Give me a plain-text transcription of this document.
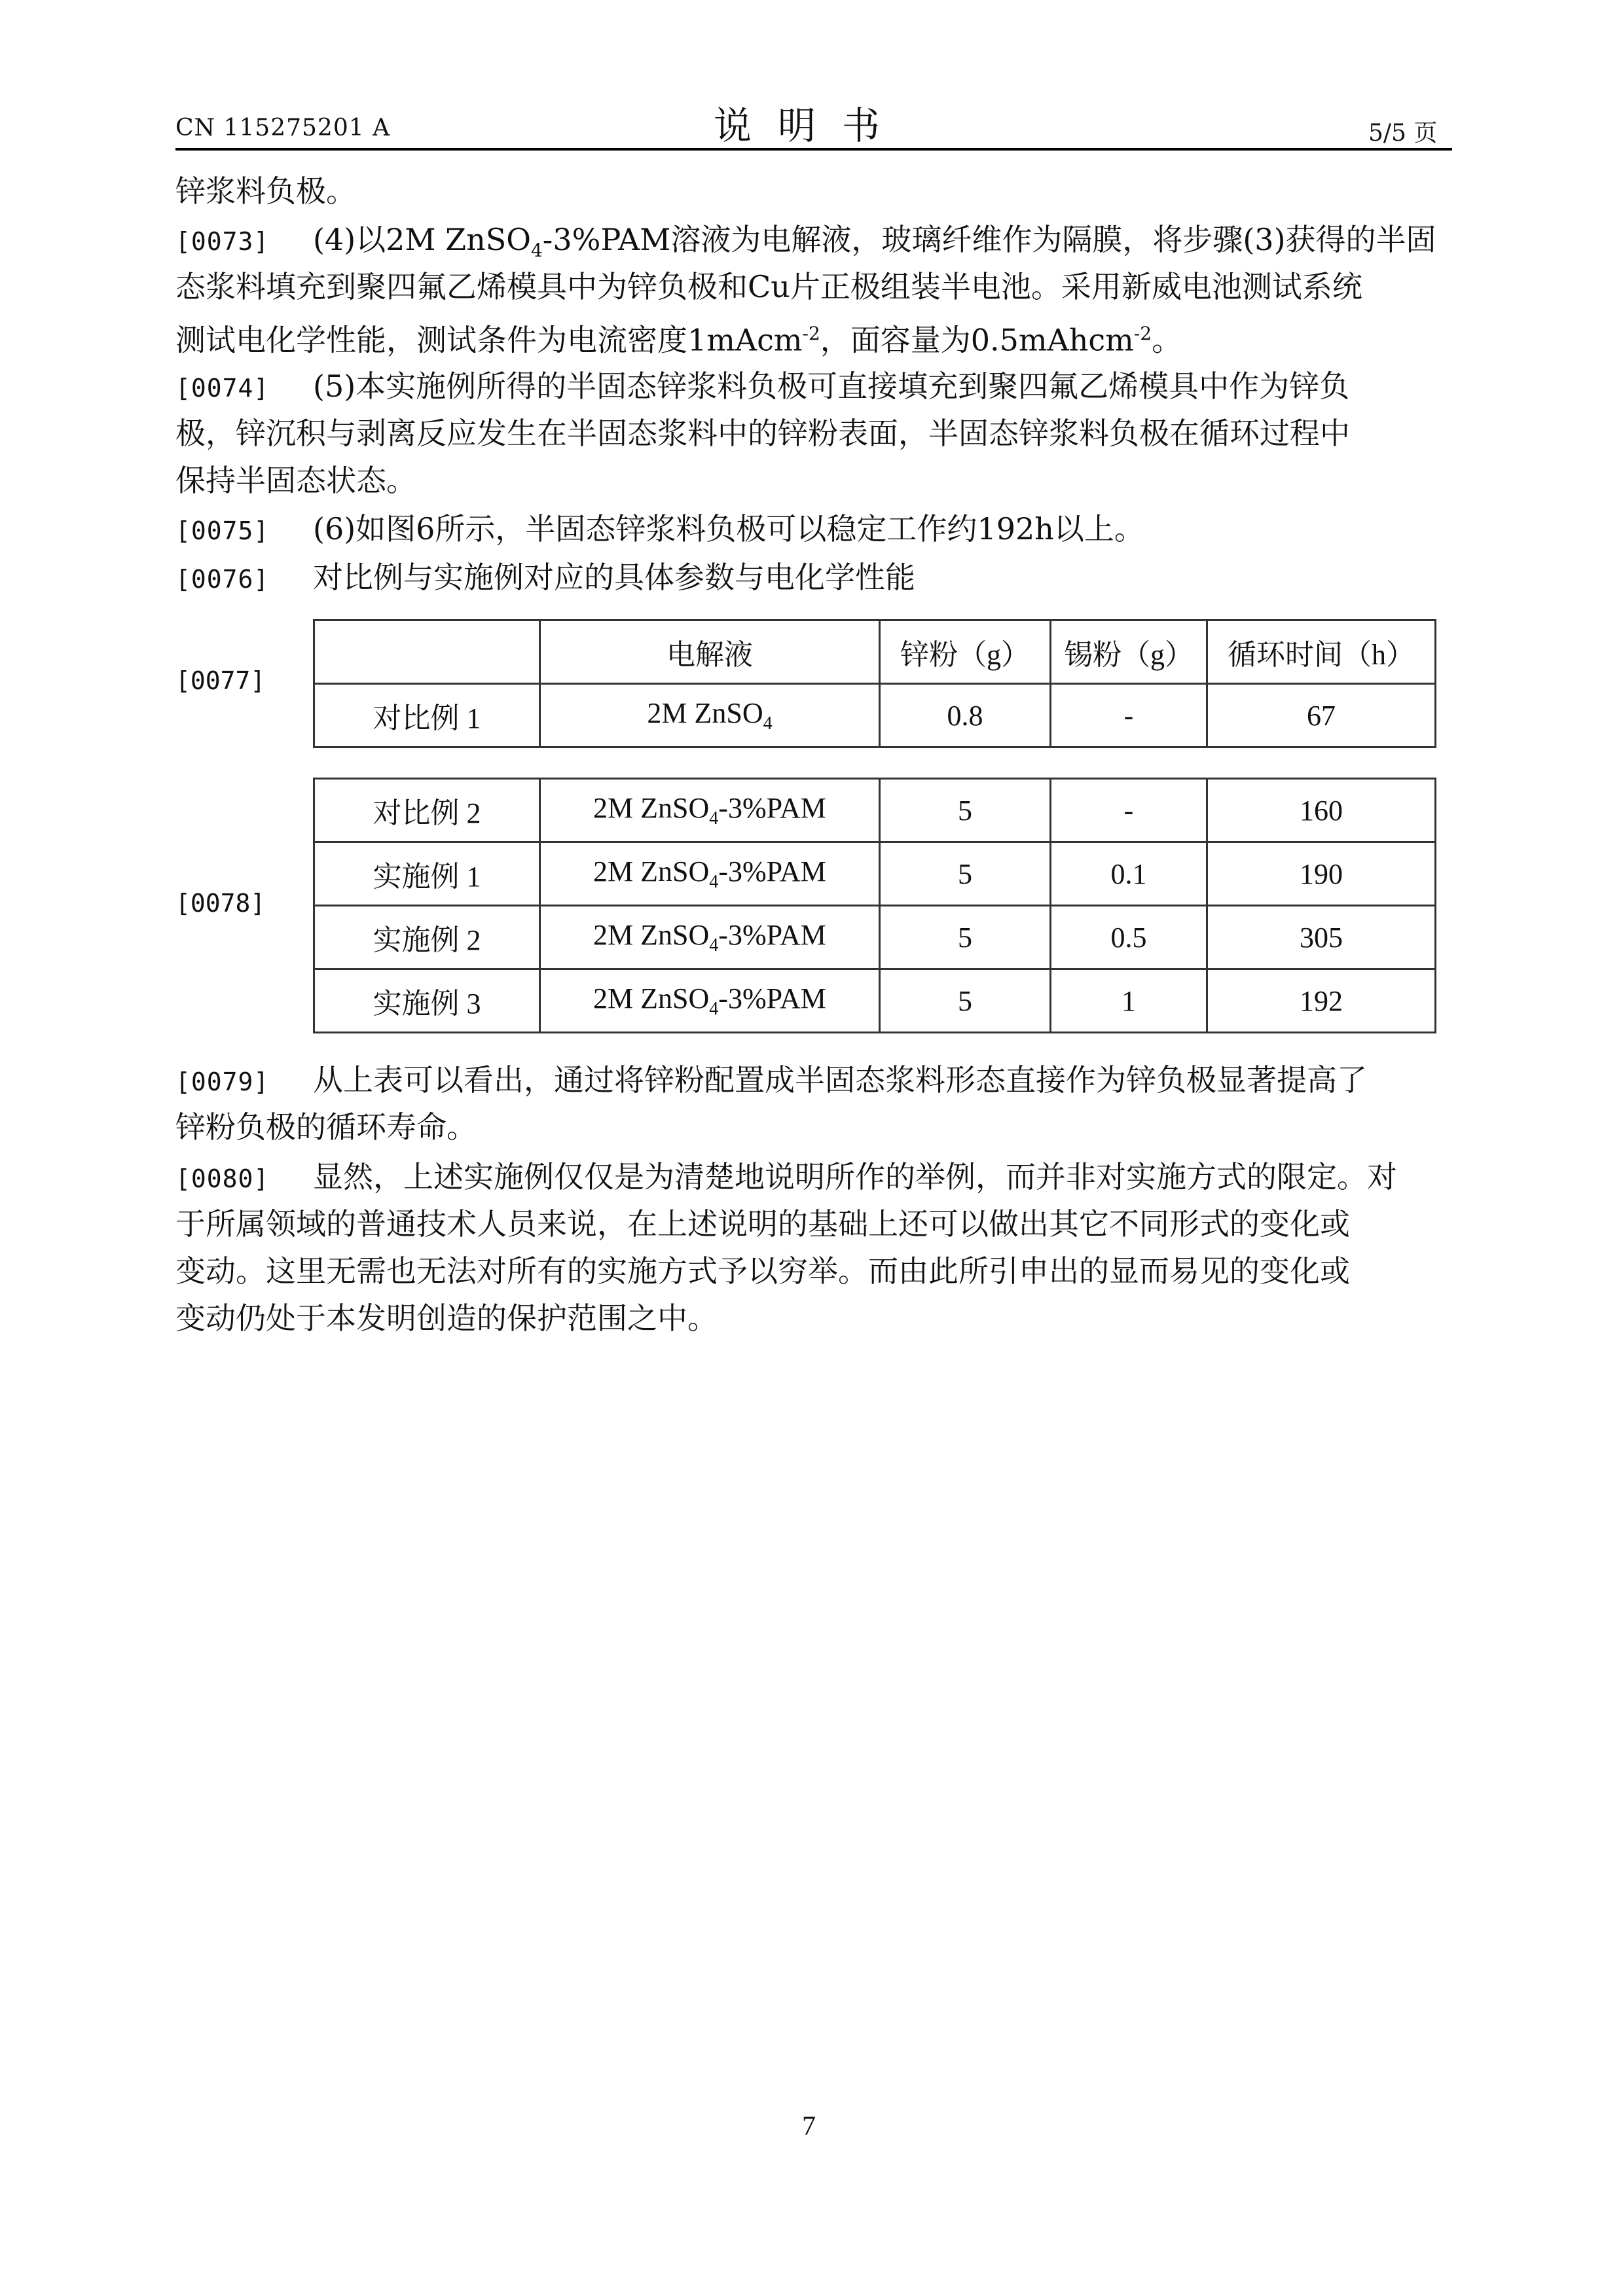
CN 115275201 A	说明书	5/5 页
锌浆料负极。
[0073] (4)以2M ZnSO$_4$-3%PAM溶液为电解液，玻璃纤维作为隔膜，将步骤(3)获得的半固
态浆料填充到聚四氟乙烯模具中为锌负极和Cu片正极组装半电池。采用新威电池测试系统
测试电化学性能，测试条件为电流密度1mAcm$^{-2}$，面容量为0.5mAhcm$^{-2}$。
[0074] (5)本实施例所得的半固态锌浆料负极可直接填充到聚四氟乙烯模具中作为锌负
极，锌沉积与剥离反应发生在半固态浆料中的锌粉表面，半固态锌浆料负极在循环过程中
保持半固态状态。
[0075] (6)如图6所示，半固态锌浆料负极可以稳定工作约192h以上。
[0076] 对比例与实施例对应的具体参数与电化学性能
[0077]
	电解液	锌粉（g）	锡粉（g）	循环时间（h）
对比例 1	2M ZnSO$_4$	0.8	-	67
[0078]
对比例 2	2M ZnSO$_4$-3%PAM	5	-	160
实施例 1	2M ZnSO$_4$-3%PAM	5	0.1	190
实施例 2	2M ZnSO$_4$-3%PAM	5	0.5	305
实施例 3	2M ZnSO$_4$-3%PAM	5	1	192
[0079] 从上表可以看出，通过将锌粉配置成半固态浆料形态直接作为锌负极显著提高了
锌粉负极的循环寿命。
[0080] 显然，上述实施例仅仅是为清楚地说明所作的举例，而并非对实施方式的限定。对
于所属领域的普通技术人员来说，在上述说明的基础上还可以做出其它不同形式的变化或
变动。这里无需也无法对所有的实施方式予以穷举。而由此所引申出的显而易见的变化或
变动仍处于本发明创造的保护范围之中。
7
